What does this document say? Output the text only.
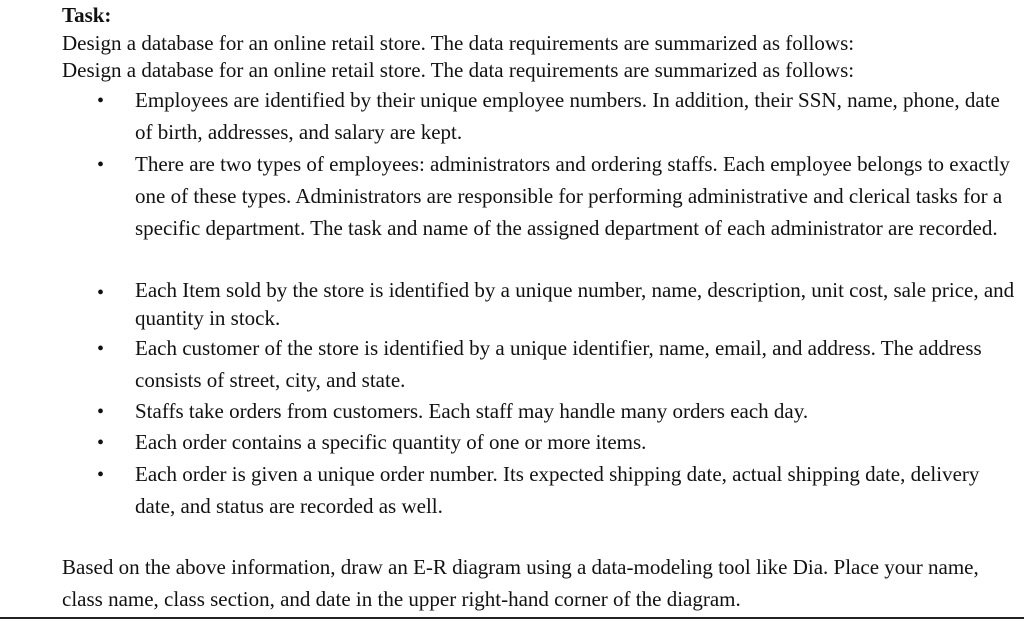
Task:
Design a database for an online retail store. The data requirements are summarized as follows:
Design a database for an online retail store. The data requirements are summarized as follows:
• Employees are identified by their unique employee numbers. In addition, their SSN, name, phone, date of birth, addresses, and salary are kept.
• There are two types of employees: administrators and ordering staffs. Each employee belongs to exactly one of these types. Administrators are responsible for performing administrative and clerical tasks for a specific department. The task and name of the assigned department of each administrator are recorded.
• Each Item sold by the store is identified by a unique number, name, description, unit cost, sale price, and quantity in stock.
• Each customer of the store is identified by a unique identifier, name, email, and address. The address consists of street, city, and state.
• Staffs take orders from customers. Each staff may handle many orders each day.
• Each order contains a specific quantity of one or more items.
• Each order is given a unique order number. Its expected shipping date, actual shipping date, delivery date, and status are recorded as well.
Based on the above information, draw an E-R diagram using a data-modeling tool like Dia. Place your name, class name, class section, and date in the upper right-hand corner of the diagram.
